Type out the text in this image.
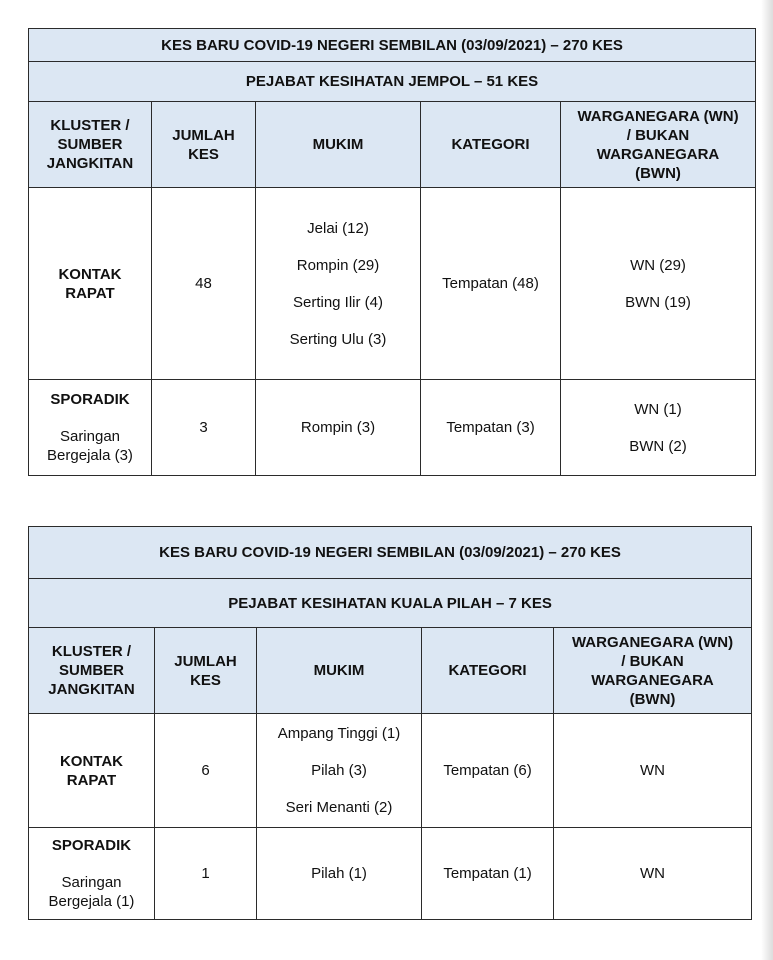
KES BARU COVID-19 NEGERI SEMBILAN (03/09/2021) – 270 KES				
PEJABAT KESIHATAN JEMPOL – 51 KES				

KLUSTER /
SUMBER
JANGKITAN	JUMLAH
KES	MUKIM	KATEGORI	WARGANEGARA (WN)
/ BUKAN
WARGANEGARA
(BWN)

KONTAK
RAPAT	48	Jelai (12)
Rompin (29)
Serting Ilir (4)
Serting Ulu (3)	Tempatan (48)	WN (29)
BWN (19)

SPORADIK
Saringan
Bergejala (3)	3	Rompin (3)	Tempatan (3)	WN (1)
BWN (2)
KES BARU COVID-19 NEGERI SEMBILAN (03/09/2021) – 270 KES				
PEJABAT KESIHATAN KUALA PILAH – 7 KES				

KLUSTER /
SUMBER
JANGKITAN	JUMLAH
KES	MUKIM	KATEGORI	WARGANEGARA (WN)
/ BUKAN
WARGANEGARA
(BWN)

KONTAK
RAPAT	6	Ampang Tinggi (1)
Pilah (3)
Seri Menanti (2)	Tempatan (6)	WN

SPORADIK
Saringan
Bergejala (1)	1	Pilah (1)	Tempatan (1)	WN
